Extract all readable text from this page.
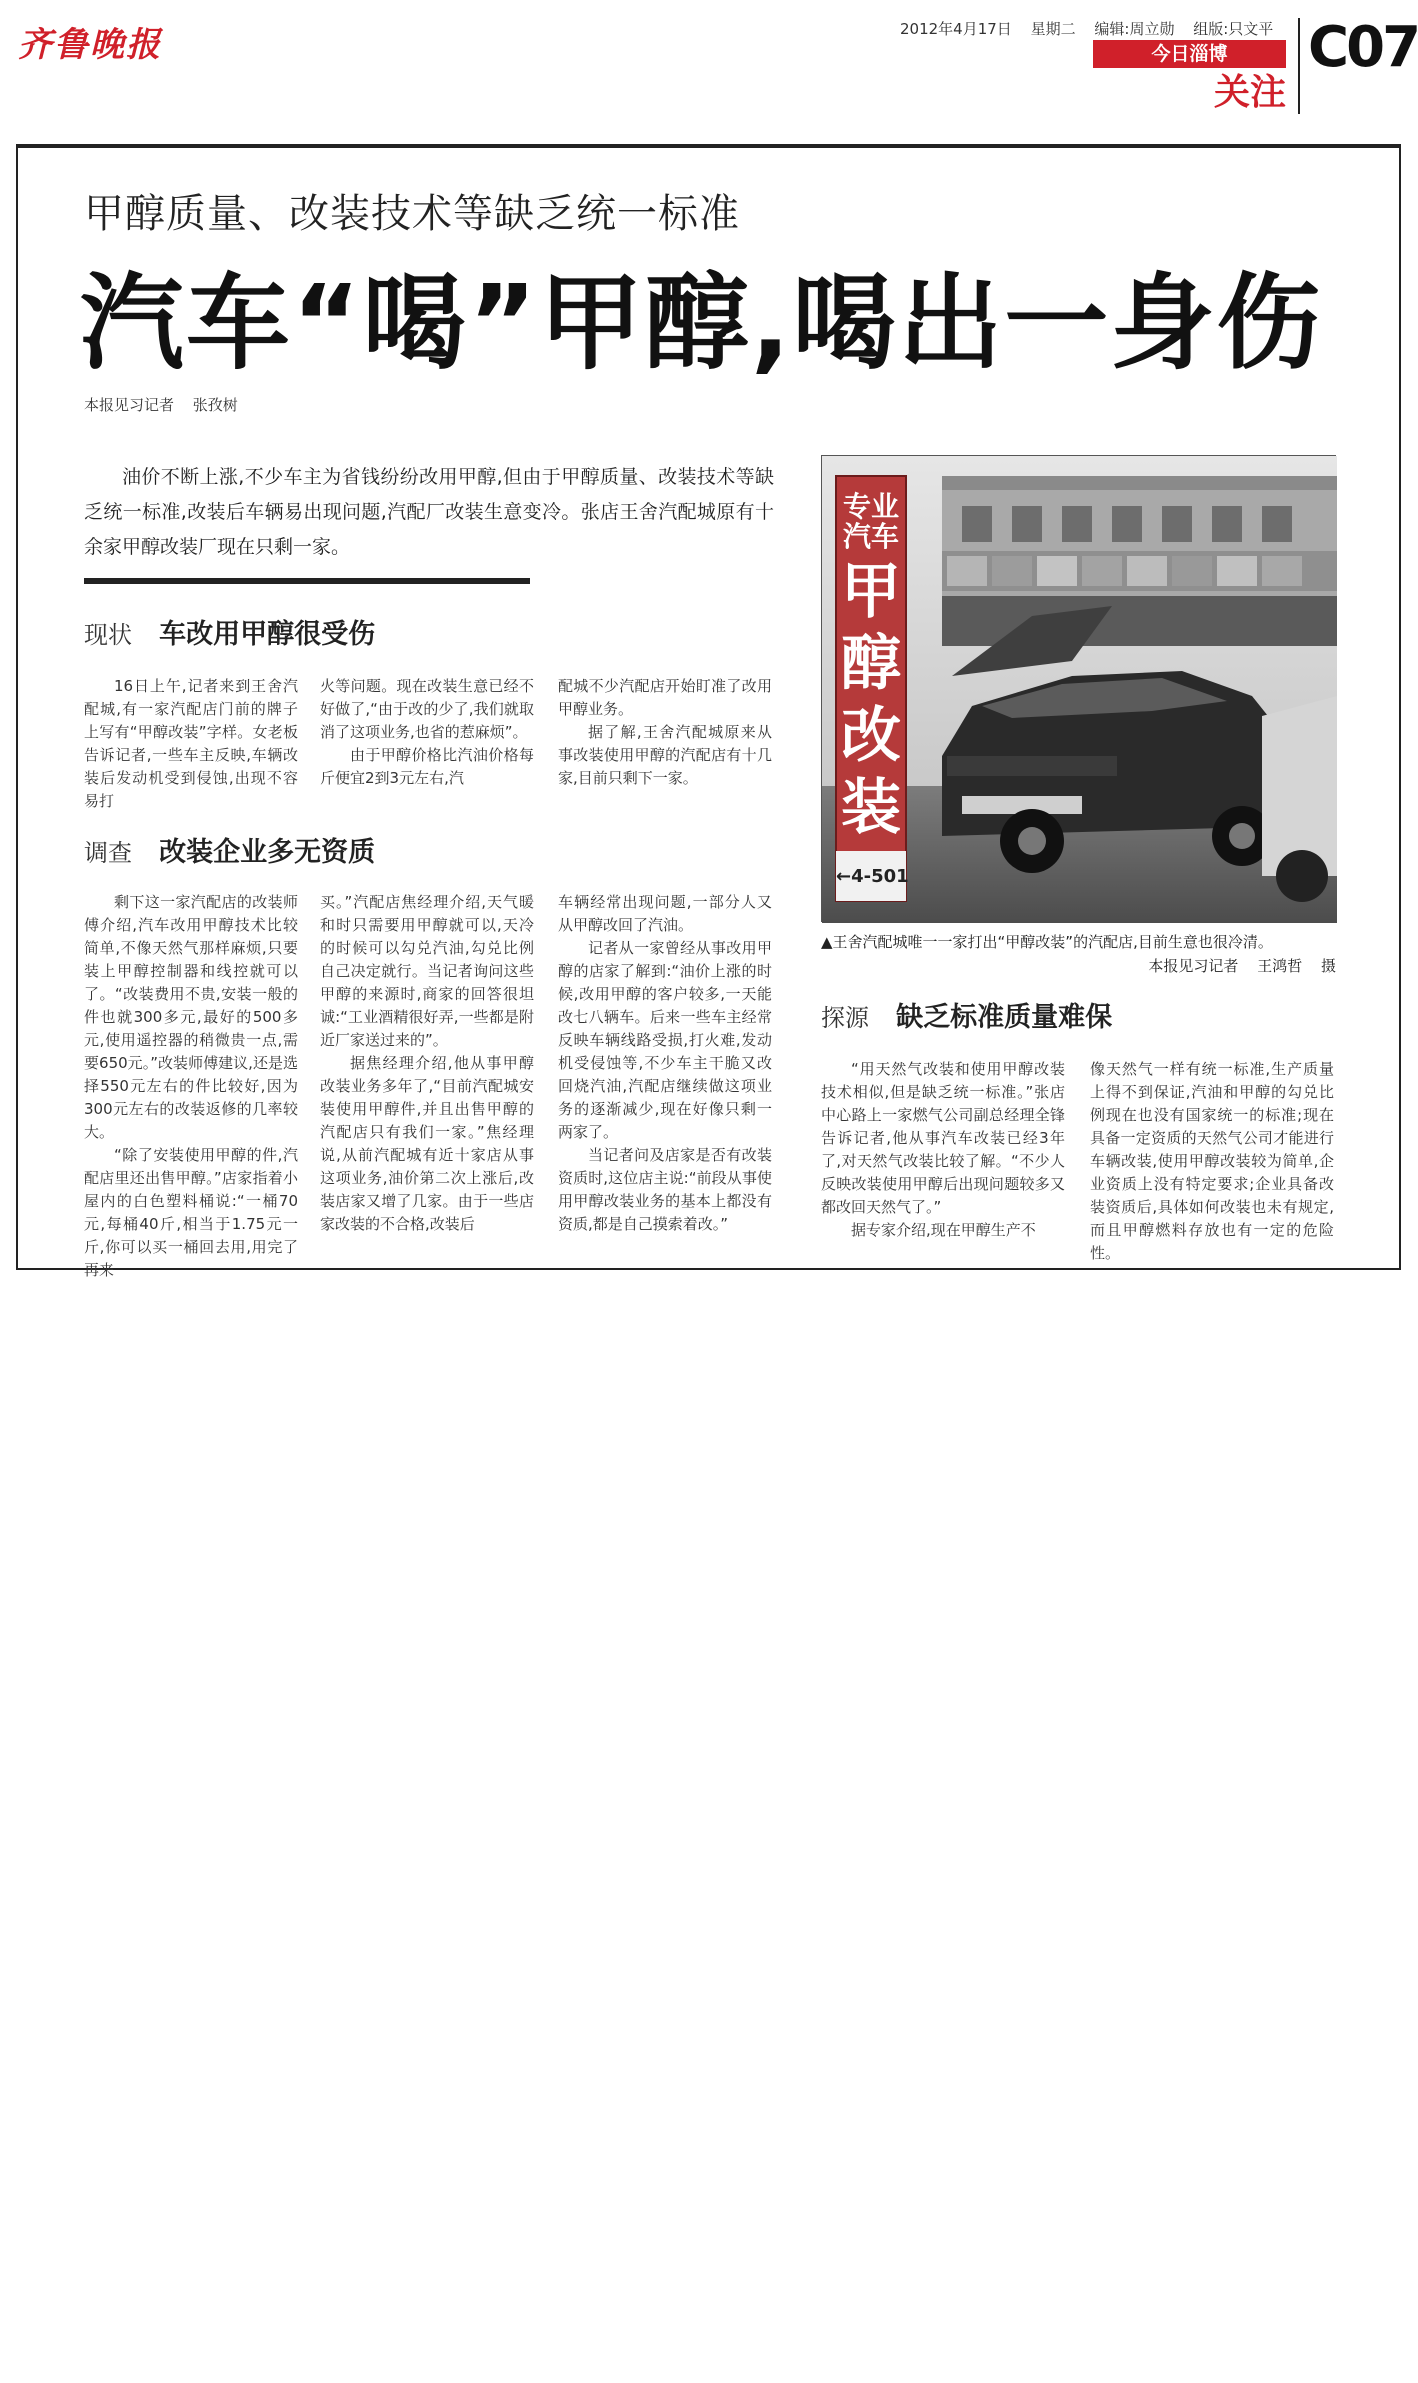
齐鲁晚报	2012年4月17日 星期二 编辑:周立勋 组版:只文平
今日淄博
关注
C07
甲醇质量、改装技术等缺乏统一标准
汽车“喝”甲醇,喝出一身伤
本报见习记者 张孜树
油价不断上涨,不少车主为省钱纷纷改用甲醇,但由于甲醇质量、改装技术等缺乏统一标准,改装后车辆易出现问题,汽配厂改装生意变冷。张店王舍汽配城原有十余家甲醇改装厂现在只剩一家。
现状 车改用甲醇很受伤

16日上午,记者来到王舍汽配城,有一家汽配店门前的牌子上写有“甲醇改装”字样。女老板告诉记者,一些车主反映,车辆改装后发动机受到侵蚀,出现不容易打

火等问题。现在改装生意已经不好做了,“由于改的少了,我们就取消了这项业务,也省的惹麻烦”。

由于甲醇价格比汽油价格每斤便宜2到3元左右,汽

配城不少汽配店开始盯准了改用甲醇业务。

据了解,王舍汽配城原来从事改装使用甲醇的汽配店有十几家,目前只剩下一家。

调查 改装企业多无资质

剩下这一家汽配店的改装师傅介绍,汽车改用甲醇技术比较简单,不像天然气那样麻烦,只要装上甲醇控制器和线控就可以了。“改装费用不贵,安装一般的件也就300多元,最好的500多元,使用遥控器的稍微贵一点,需要650元。”改装师傅建议,还是选择550元左右的件比较好,因为300元左右的改装返修的几率较大。

“除了安装使用甲醇的件,汽配店里还出售甲醇。”店家指着小屋内的白色塑料桶说:“一桶70元,每桶40斤,相当于1.75元一斤,你可以买一桶回去用,用完了再来

买。”汽配店焦经理介绍,天气暖和时只需要用甲醇就可以,天冷的时候可以勾兑汽油,勾兑比例自己决定就行。当记者询问这些甲醇的来源时,商家的回答很坦诚:“工业酒精很好弄,一些都是附近厂家送过来的”。

据焦经理介绍,他从事甲醇改装业务多年了,“目前汽配城安装使用甲醇件,并且出售甲醇的汽配店只有我们一家。”焦经理说,从前汽配城有近十家店从事这项业务,油价第二次上涨后,改装店家又增了几家。由于一些店家改装的不合格,改装后

车辆经常出现问题,一部分人又从甲醇改回了汽油。

记者从一家曾经从事改用甲醇的店家了解到:“油价上涨的时候,改用甲醇的客户较多,一天能改七八辆车。后来一些车主经常反映车辆线路受损,打火难,发动机受侵蚀等,不少车主干脆又改回烧汽油,汽配店继续做这项业务的逐渐减少,现在好像只剩一两家了。

当记者问及店家是否有改装资质时,这位店主说:“前段从事使用甲醇改装业务的基本上都没有资质,都是自己摸索着改。”

专业汽车
甲
醇
改
装
←4-501
▲王舍汽配城唯一一家打出“甲醇改装”的汽配店,目前生意也很冷清。
本报见习记者 王鸿哲 摄
探源 缺乏标准质量难保

“用天然气改装和使用甲醇改装技术相似,但是缺乏统一标准。”张店中心路上一家燃气公司副总经理全锋告诉记者,他从事汽车改装已经3年了,对天然气改装比较了解。“不少人反映改装使用甲醇后出现问题较多又都改回天然气了。”

据专家介绍,现在甲醇生产不

像天然气一样有统一标准,生产质量上得不到保证,汽油和甲醇的勾兑比例现在也没有国家统一的标准;现在具备一定资质的天然气公司才能进行车辆改装,使用甲醇改装较为简单,企业资质上没有特定要求;企业具备改装资质后,具体如何改装也未有规定,而且甲醇燃料存放也有一定的危险性。
